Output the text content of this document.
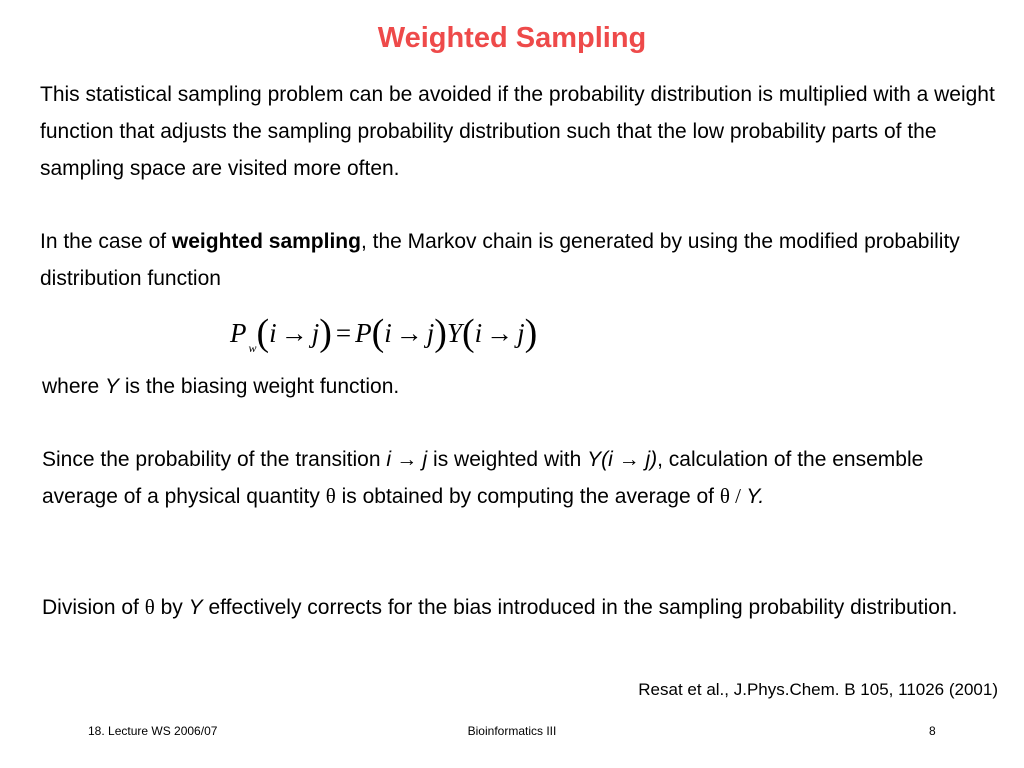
Weighted Sampling

This statistical sampling problem can be avoided if the probability distribution is multiplied with a weight function that adjusts the sampling probability distribution such that the low probability parts of the sampling space are visited more often.

In the case of weighted sampling, the Markov chain is generated by using the modified probability distribution function

P $_w$(i → j) = P(i → j)Y(i → j)

where Y is the biasing weight function.

Since the probability of the transition i → j is weighted with Y(i → j), calculation of the ensemble average of a physical quantity θ is obtained by computing the average of θ / Y.

Division of θ by Y effectively corrects for the bias introduced in the sampling probability distribution.

Resat et al., J.Phys.Chem. B 105, 11026 (2001)
18. Lecture WS 2006/07	Bioinformatics III	8
